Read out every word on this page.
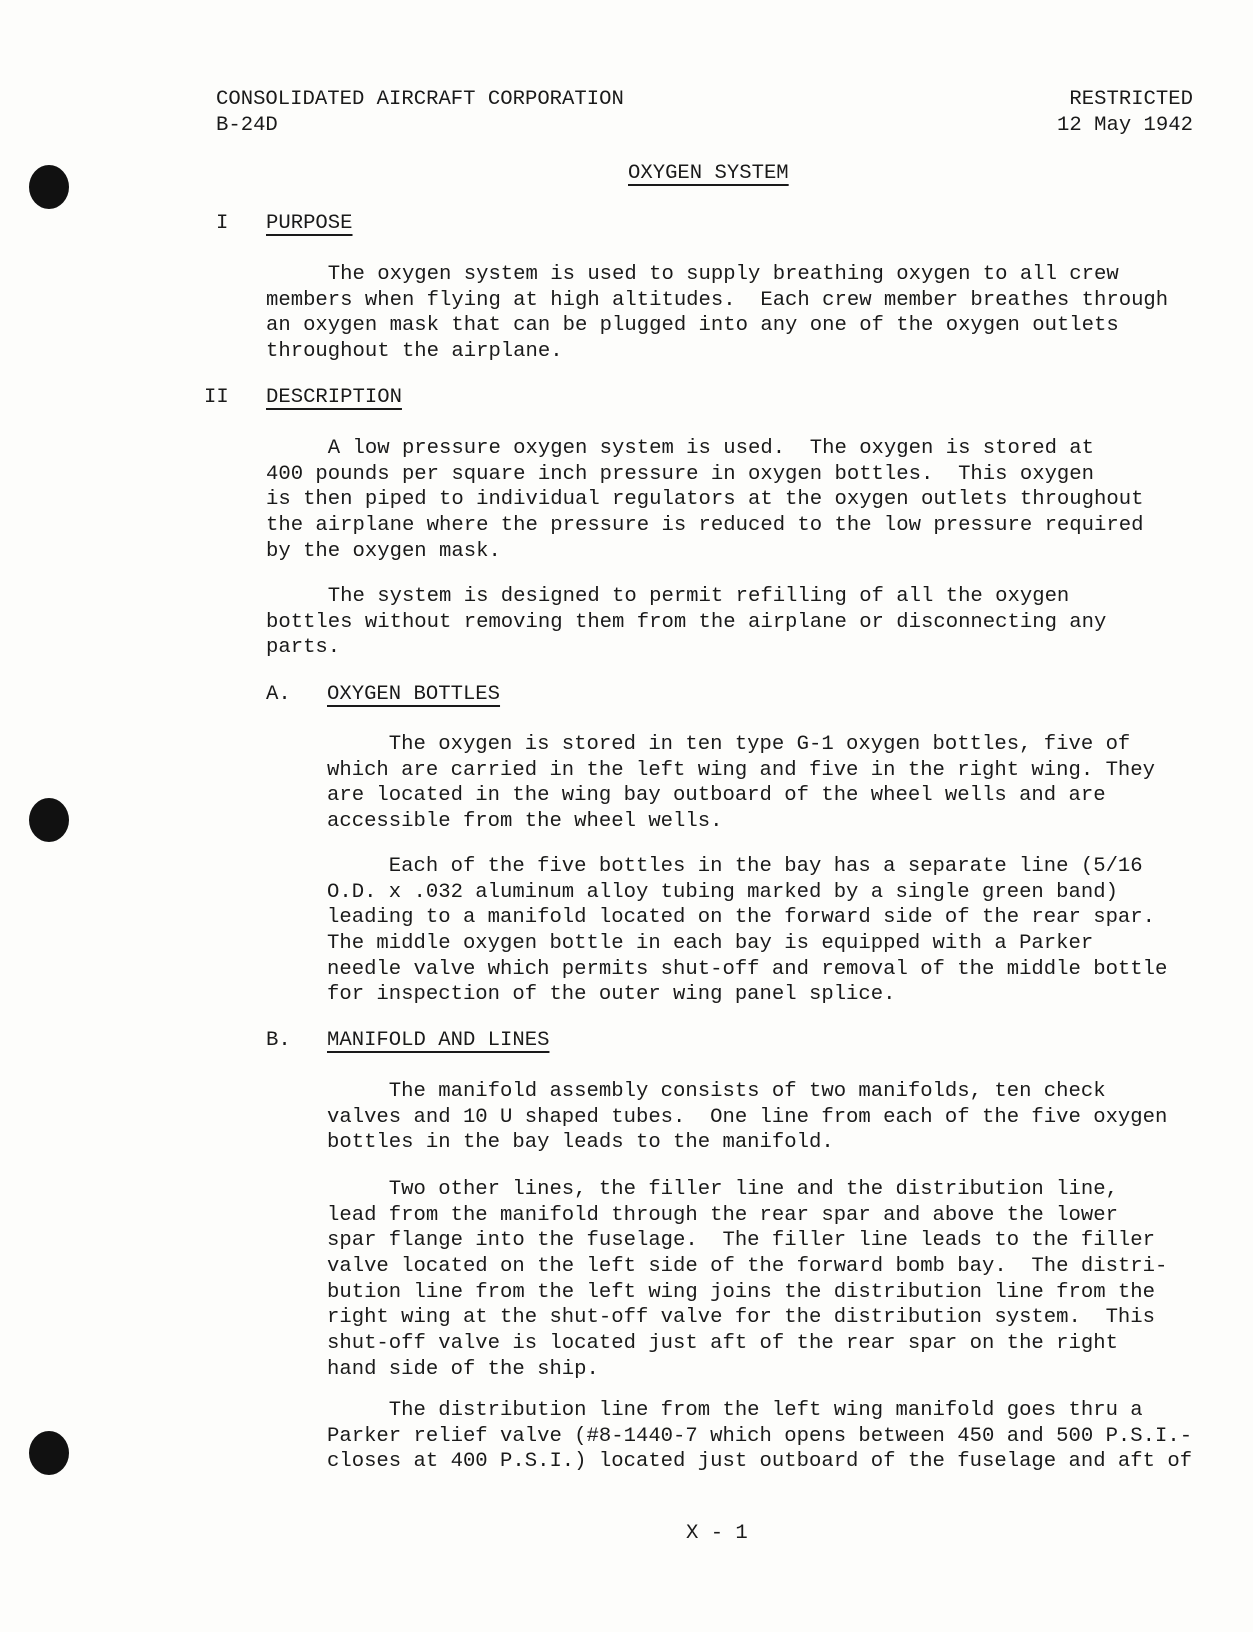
CONSOLIDATED AIRCRAFT CORPORATION
B-24D
RESTRICTED
12 May 1942
OXYGEN SYSTEM
I PURPOSE
The oxygen system is used to supply breathing oxygen to all crew
members when flying at high altitudes.  Each crew member breathes through
an oxygen mask that can be plugged into any one of the oxygen outlets
throughout the airplane.
II DESCRIPTION
A low pressure oxygen system is used.  The oxygen is stored at
400 pounds per square inch pressure in oxygen bottles.  This oxygen
is then piped to individual regulators at the oxygen outlets throughout
the airplane where the pressure is reduced to the low pressure required
by the oxygen mask.
The system is designed to permit refilling of all the oxygen
bottles without removing them from the airplane or disconnecting any
parts.
A. OXYGEN BOTTLES
The oxygen is stored in ten type G-1 oxygen bottles, five of
which are carried in the left wing and five in the right wing. They
are located in the wing bay outboard of the wheel wells and are
accessible from the wheel wells.
Each of the five bottles in the bay has a separate line (5/16
O.D. x .032 aluminum alloy tubing marked by a single green band)
leading to a manifold located on the forward side of the rear spar.
The middle oxygen bottle in each bay is equipped with a Parker
needle valve which permits shut-off and removal of the middle bottle
for inspection of the outer wing panel splice.
B. MANIFOLD AND LINES
The manifold assembly consists of two manifolds, ten check
valves and 10 U shaped tubes.  One line from each of the five oxygen
bottles in the bay leads to the manifold.
Two other lines, the filler line and the distribution line,
lead from the manifold through the rear spar and above the lower
spar flange into the fuselage.  The filler line leads to the filler
valve located on the left side of the forward bomb bay.  The distri-
bution line from the left wing joins the distribution line from the
right wing at the shut-off valve for the distribution system.  This
shut-off valve is located just aft of the rear spar on the right
hand side of the ship.
The distribution line from the left wing manifold goes thru a
Parker relief valve (#8-1440-7 which opens between 450 and 500 P.S.I.-
closes at 400 P.S.I.) located just outboard of the fuselage and aft of
X - 1
